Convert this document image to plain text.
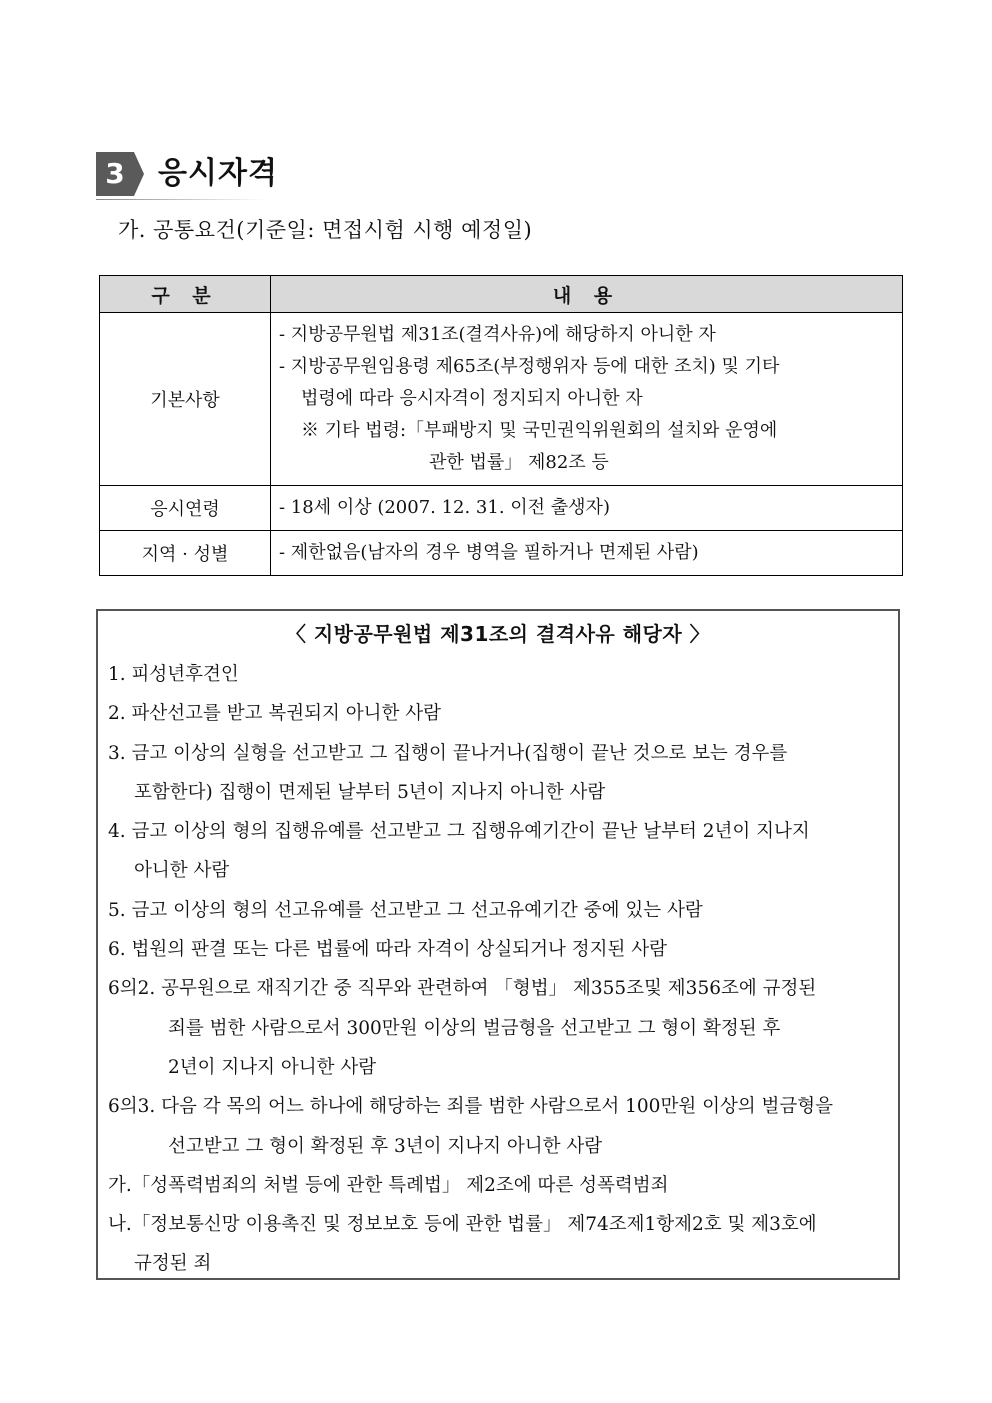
3	응시자격
가. 공통요건(기준일: 면접시험 시행 예정일)
구 분	내 용
기본사항	- 지방공무원법 제31조(결격사유)에 해당하지 아니한 자
- 지방공무원임용령 제65조(부정행위자 등에 대한 조치) 및 기타
법령에 따라 응시자격이 정지되지 아니한 자
※ 기타 법령:「부패방지 및 국민권익위원회의 설치와 운영에
관한 법률」 제82조 등

응시연령	- 18세 이상 (2007. 12. 31. 이전 출생자)

지역 · 성별	- 제한없음(남자의 경우 병역을 필하거나 면제된 사람)
〈 지방공무원법 제31조의 결격사유 해당자 〉
1. 피성년후견인
2. 파산선고를 받고 복권되지 아니한 사람
3. 금고 이상의 실형을 선고받고 그 집행이 끝나거나(집행이 끝난 것으로 보는 경우를
포함한다) 집행이 면제된 날부터 5년이 지나지 아니한 사람
4. 금고 이상의 형의 집행유예를 선고받고 그 집행유예기간이 끝난 날부터 2년이 지나지
아니한 사람
5. 금고 이상의 형의 선고유예를 선고받고 그 선고유예기간 중에 있는 사람
6. 법원의 판결 또는 다른 법률에 따라 자격이 상실되거나 정지된 사람
6의2. 공무원으로 재직기간 중 직무와 관련하여 「형법」 제355조및 제356조에 규정된
죄를 범한 사람으로서 300만원 이상의 벌금형을 선고받고 그 형이 확정된 후
2년이 지나지 아니한 사람
6의3. 다음 각 목의 어느 하나에 해당하는 죄를 범한 사람으로서 100만원 이상의 벌금형을
선고받고 그 형이 확정된 후 3년이 지나지 아니한 사람
가.「성폭력범죄의 처벌 등에 관한 특례법」 제2조에 따른 성폭력범죄
나.「정보통신망 이용촉진 및 정보보호 등에 관한 법률」 제74조제1항제2호 및 제3호에
규정된 죄
